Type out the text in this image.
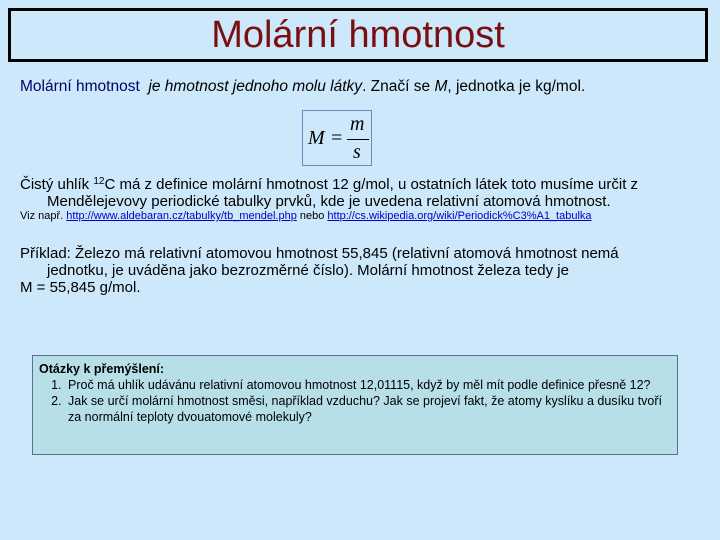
Molární hmotnost
Molární hmotnost je hmotnost jednoho molu látky. Značí se M, jednotka je kg/mol.
M =
m
s
Čistý uhlík $^{12}$C má z definice molární hmotnost 12 g/mol, u ostatních látek toto musíme určit z
Mendělejevovy periodické tabulky prvků, kde je uvedena relativní atomová hmotnost.
Viz např. http://www.aldebaran.cz/tabulky/tb_mendel.php nebo http://cs.wikipedia.org/wiki/Periodick%C3%A1_tabulka
Příklad: Železo má relativní atomovou hmotnost 55,845 (relativní atomová hmotnost nemá
jednotku, je uváděna jako bezrozměrné číslo). Molární hmotnost železa tedy je
M = 55,845 g/mol.
Otázky k přemýšlení:
1. Proč má uhlík udávánu relativní atomovou hmotnost 12,01115, když by měl mít podle definice přesně 12?
2. Jak se určí molární hmotnost směsi, například vzduchu? Jak se projeví fakt, že atomy kyslíku a dusíku tvoří za normální teploty dvouatomové molekuly?
